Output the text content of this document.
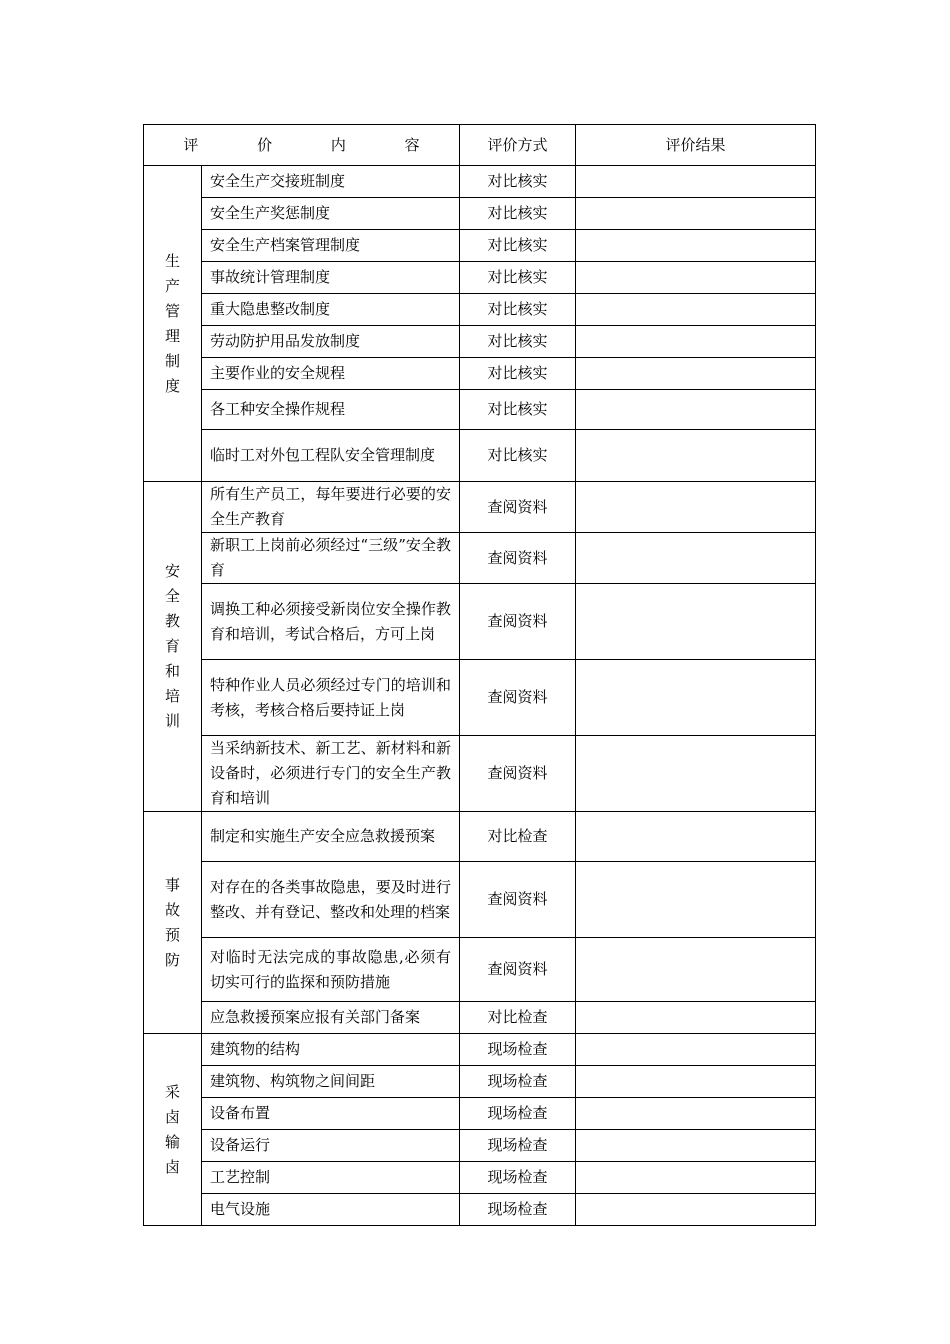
评 价 内 容		评价方式	评价结果

生产管理制度	安全生产交接班制度	对比核实	
	安全生产奖惩制度	对比核实	
	安全生产档案管理制度	对比核实	
	事故统计管理制度	对比核实	
	重大隐患整改制度	对比核实	
	劳动防护用品发放制度	对比核实	
	主要作业的安全规程	对比核实	
	各工种安全操作规程	对比核实	
	临时工对外包工程队安全管理制度	对比核实	

安全教育和培训	所有生产员工，每年要进行必要的安全生产教育	查阅资料	
	新职工上岗前必须经过“三级”安全教育	查阅资料	
	调换工种必须接受新岗位安全操作教育和培训，考试合格后，方可上岗	查阅资料	
	特种作业人员必须经过专门的培训和考核，考核合格后要持证上岗	查阅资料	
	当采纳新技术、新工艺、新材料和新设备时，必须进行专门的安全生产教育和培训	查阅资料	

事故预防	制定和实施生产安全应急救援预案	对比检查	
	对存在的各类事故隐患，要及时进行整改、并有登记、整改和处理的档案	查阅资料	
	对临时无法完成的事故隐患,必须有切实可行的监探和预防措施	查阅资料	
	应急救援预案应报有关部门备案	对比检查	

采卤输卤	建筑物的结构	现场检查	
	建筑物、构筑物之间间距	现场检查	
	设备布置	现场检查	
	设备运行	现场检查	
	工艺控制	现场检查	
	电气设施	现场检查	
